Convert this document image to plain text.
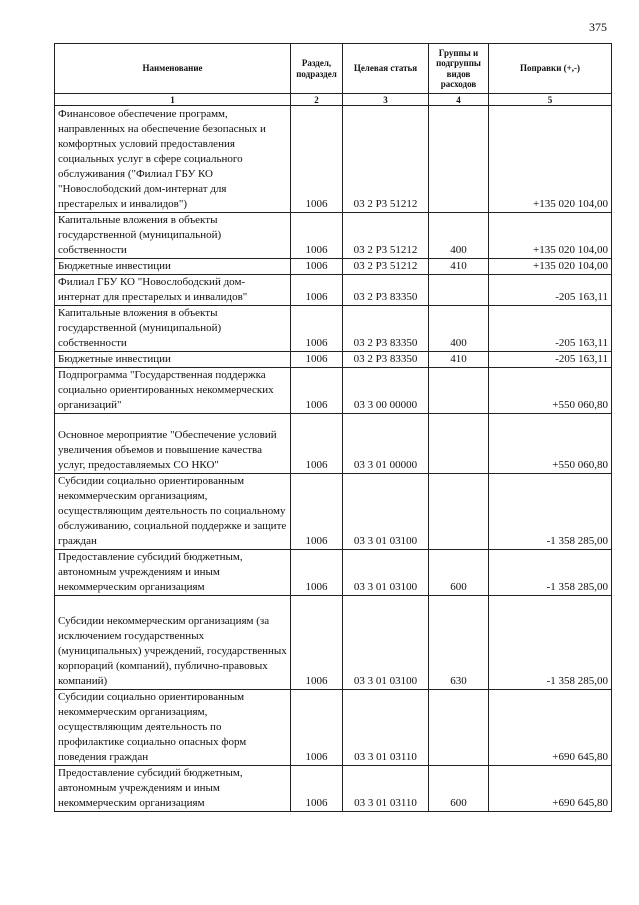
375
Наименование	Раздел, подраздел	Целевая статья	Группы и подгруппы видов расходов	Поправки (+,-)
1	2	3	4	5
Финансовое обеспечение программ, направленных на обеспечение безопасных и комфортных условий предоставления социальных услуг в сфере социального обслуживания ("Филиал ГБУ КО "Новослободский дом-интернат для престарелых и инвалидов")	1006	03 2 P3 51212		+135 020 104,00
Капитальные вложения в объекты государственной (муниципальной) собственности	1006	03 2 P3 51212	400	+135 020 104,00
Бюджетные инвестиции	1006	03 2 P3 51212	410	+135 020 104,00
Филиал ГБУ КО "Новослободский дом-интернат для престарелых и инвалидов"	1006	03 2 P3 83350		-205 163,11
Капитальные вложения в объекты государственной (муниципальной) собственности	1006	03 2 P3 83350	400	-205 163,11
Бюджетные инвестиции	1006	03 2 P3 83350	410	-205 163,11
Подпрограмма "Государственная поддержка социально ориентированных некоммерческих организаций"	1006	03 3 00 00000		+550 060,80
Основное мероприятие "Обеспечение условий увеличения объемов и повышение качества услуг, предоставляемых СО НКО"	1006	03 3 01 00000		+550 060,80
Субсидии социально ориентированным некоммерческим организациям, осуществляющим деятельность по социальному обслуживанию, социальной поддержке и защите граждан	1006	03 3 01 03100		-1 358 285,00
Предоставление субсидий бюджетным, автономным учреждениям и иным некоммерческим организациям	1006	03 3 01 03100	600	-1 358 285,00
Субсидии некоммерческим организациям (за исключением государственных (муниципальных) учреждений, государственных корпораций (компаний), публично-правовых компаний)	1006	03 3 01 03100	630	-1 358 285,00
Субсидии социально ориентированным некоммерческим организациям, осуществляющим деятельность по профилактике социально опасных форм поведения граждан	1006	03 3 01 03110		+690 645,80
Предоставление субсидий бюджетным, автономным учреждениям и иным некоммерческим организациям	1006	03 3 01 03110	600	+690 645,80
